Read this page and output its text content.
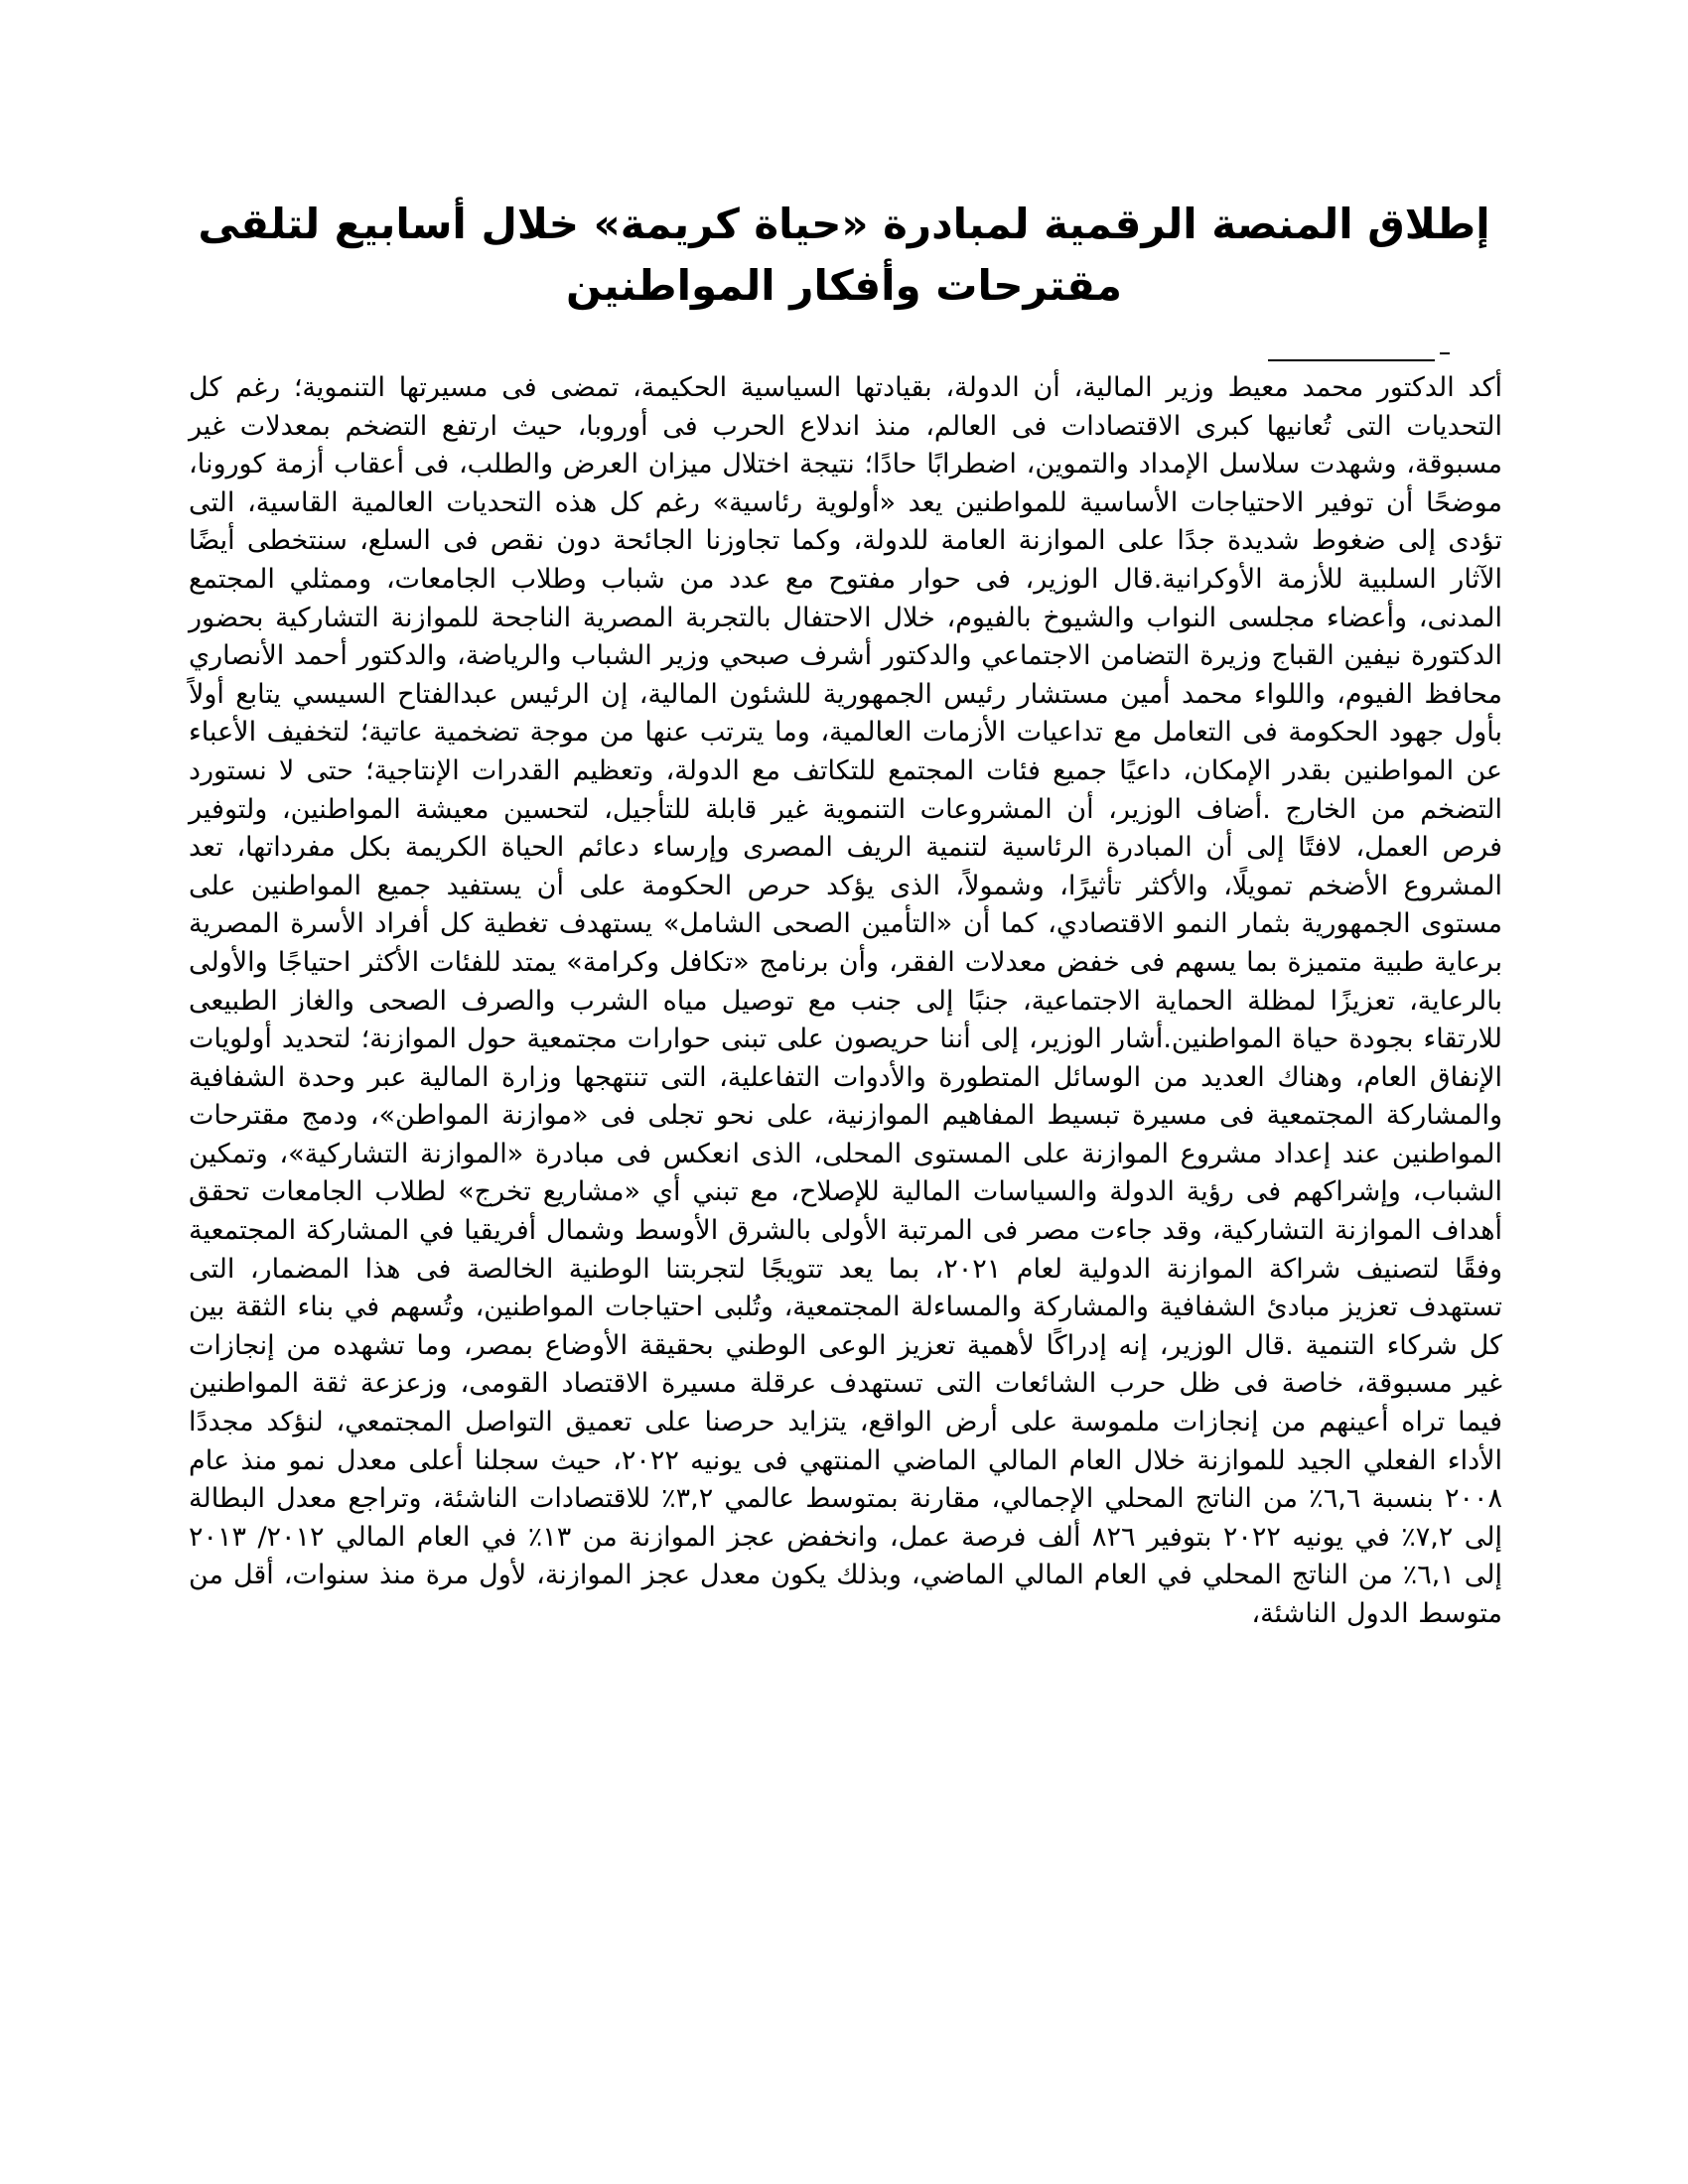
إطلاق المنصة الرقمية لمبادرة «حياة كريمة» خلال أسابيع لتلقى مقترحات وأفكار المواطنين

أكد الدكتور محمد معيط وزير المالية، أن الدولة، بقيادتها السياسية الحكيمة، تمضى فى مسيرتها التنموية؛ رغم كل التحديات التى تُعانيها كبرى الاقتصادات فى العالم، منذ اندلاع الحرب فى أوروبا، حيث ارتفع التضخم بمعدلات غير مسبوقة، وشهدت سلاسل الإمداد والتموين، اضطرابًا حادًا؛ نتيجة اختلال ميزان العرض والطلب، فى أعقاب أزمة كورونا، موضحًا أن توفير الاحتياجات الأساسية للمواطنين يعد «أولوية رئاسية» رغم كل هذه التحديات العالمية القاسية، التى تؤدى إلى ضغوط شديدة جدًا على الموازنة العامة للدولة، وكما تجاوزنا الجائحة دون نقص فى السلع، سنتخطى أيضًا الآثار السلبية للأزمة الأوكرانية.قال الوزير، فى حوار مفتوح مع عدد من شباب وطلاب الجامعات، وممثلي المجتمع المدنى، وأعضاء مجلسى النواب والشيوخ بالفيوم، خلال الاحتفال بالتجربة المصرية الناجحة للموازنة التشاركية بحضور الدكتورة نيفين القباج وزيرة التضامن الاجتماعي والدكتور أشرف صبحي وزير الشباب والرياضة، والدكتور أحمد الأنصاري محافظ الفيوم، واللواء محمد أمين مستشار رئيس الجمهورية للشئون المالية، إن الرئيس عبدالفتاح السيسي يتابع أولاً بأول جهود الحكومة فى التعامل مع تداعيات الأزمات العالمية، وما يترتب عنها من موجة تضخمية عاتية؛ لتخفيف الأعباء عن المواطنين بقدر الإمكان، داعيًا جميع فئات المجتمع للتكاتف مع الدولة، وتعظيم القدرات الإنتاجية؛ حتى لا نستورد التضخم من الخارج .أضاف الوزير، أن المشروعات التنموية غير قابلة للتأجيل، لتحسين معيشة المواطنين، ولتوفير فرص العمل، لافتًا إلى أن المبادرة الرئاسية لتنمية الريف المصرى وإرساء دعائم الحياة الكريمة بكل مفرداتها، تعد المشروع الأضخم تمويلًا، والأكثر تأثيرًا، وشمولاً، الذى يؤكد حرص الحكومة على أن يستفيد جميع المواطنين على مستوى الجمهورية بثمار النمو الاقتصادي، كما أن «التأمين الصحى الشامل» يستهدف تغطية كل أفراد الأسرة المصرية برعاية طبية متميزة بما يسهم فى خفض معدلات الفقر، وأن برنامج «تكافل وكرامة» يمتد للفئات الأكثر احتياجًا والأولى بالرعاية، تعزيزًا لمظلة الحماية الاجتماعية، جنبًا إلى جنب مع توصيل مياه الشرب والصرف الصحى والغاز الطبيعى للارتقاء بجودة حياة المواطنين.أشار الوزير، إلى أننا حريصون على تبنى حوارات مجتمعية حول الموازنة؛ لتحديد أولويات الإنفاق العام، وهناك العديد من الوسائل المتطورة والأدوات التفاعلية، التى تنتهجها وزارة المالية عبر وحدة الشفافية والمشاركة المجتمعية فى مسيرة تبسيط المفاهيم الموازنية، على نحو تجلى فى «موازنة المواطن»، ودمج مقترحات المواطنين عند إعداد مشروع الموازنة على المستوى المحلى، الذى انعكس فى مبادرة «الموازنة التشاركية»، وتمكين الشباب، وإشراكهم فى رؤية الدولة والسياسات المالية للإصلاح، مع تبني أي «مشاريع تخرج» لطلاب الجامعات تحقق أهداف الموازنة التشاركية، وقد جاءت مصر فى المرتبة الأولى بالشرق الأوسط وشمال أفريقيا في المشاركة المجتمعية وفقًا لتصنيف شراكة الموازنة الدولية لعام ٢٠٢١، بما يعد تتويجًا لتجربتنا الوطنية الخالصة فى هذا المضمار، التى تستهدف تعزيز مبادئ الشفافية والمشاركة والمساءلة المجتمعية، وتُلبى احتياجات المواطنين، وتُسهم في بناء الثقة بين كل شركاء التنمية .قال الوزير، إنه إدراكًا لأهمية تعزيز الوعى الوطني بحقيقة الأوضاع بمصر، وما تشهده من إنجازات غير مسبوقة، خاصة فى ظل حرب الشائعات التى تستهدف عرقلة مسيرة الاقتصاد القومى، وزعزعة ثقة المواطنين فيما تراه أعينهم من إنجازات ملموسة على أرض الواقع، يتزايد حرصنا على تعميق التواصل المجتمعي، لنؤكد مجددًا الأداء الفعلي الجيد للموازنة خلال العام المالي الماضي المنتهي فى يونيه ٢٠٢٢، حيث سجلنا أعلى معدل نمو منذ عام ٢٠٠٨ بنسبة ٦,٦٪ من الناتج المحلي الإجمالي، مقارنة بمتوسط عالمي ٣,٢٪ للاقتصادات الناشئة، وتراجع معدل البطالة إلى ٧,٢٪ في يونيه ٢٠٢٢ بتوفير ٨٢٦ ألف فرصة عمل، وانخفض عجز الموازنة من ١٣٪ في العام المالي ٢٠١٢/ ٢٠١٣ إلى ٦,١٪ من الناتج المحلي في العام المالي الماضي، وبذلك يكون معدل عجز الموازنة، لأول مرة منذ سنوات، أقل من متوسط الدول الناشئة،
